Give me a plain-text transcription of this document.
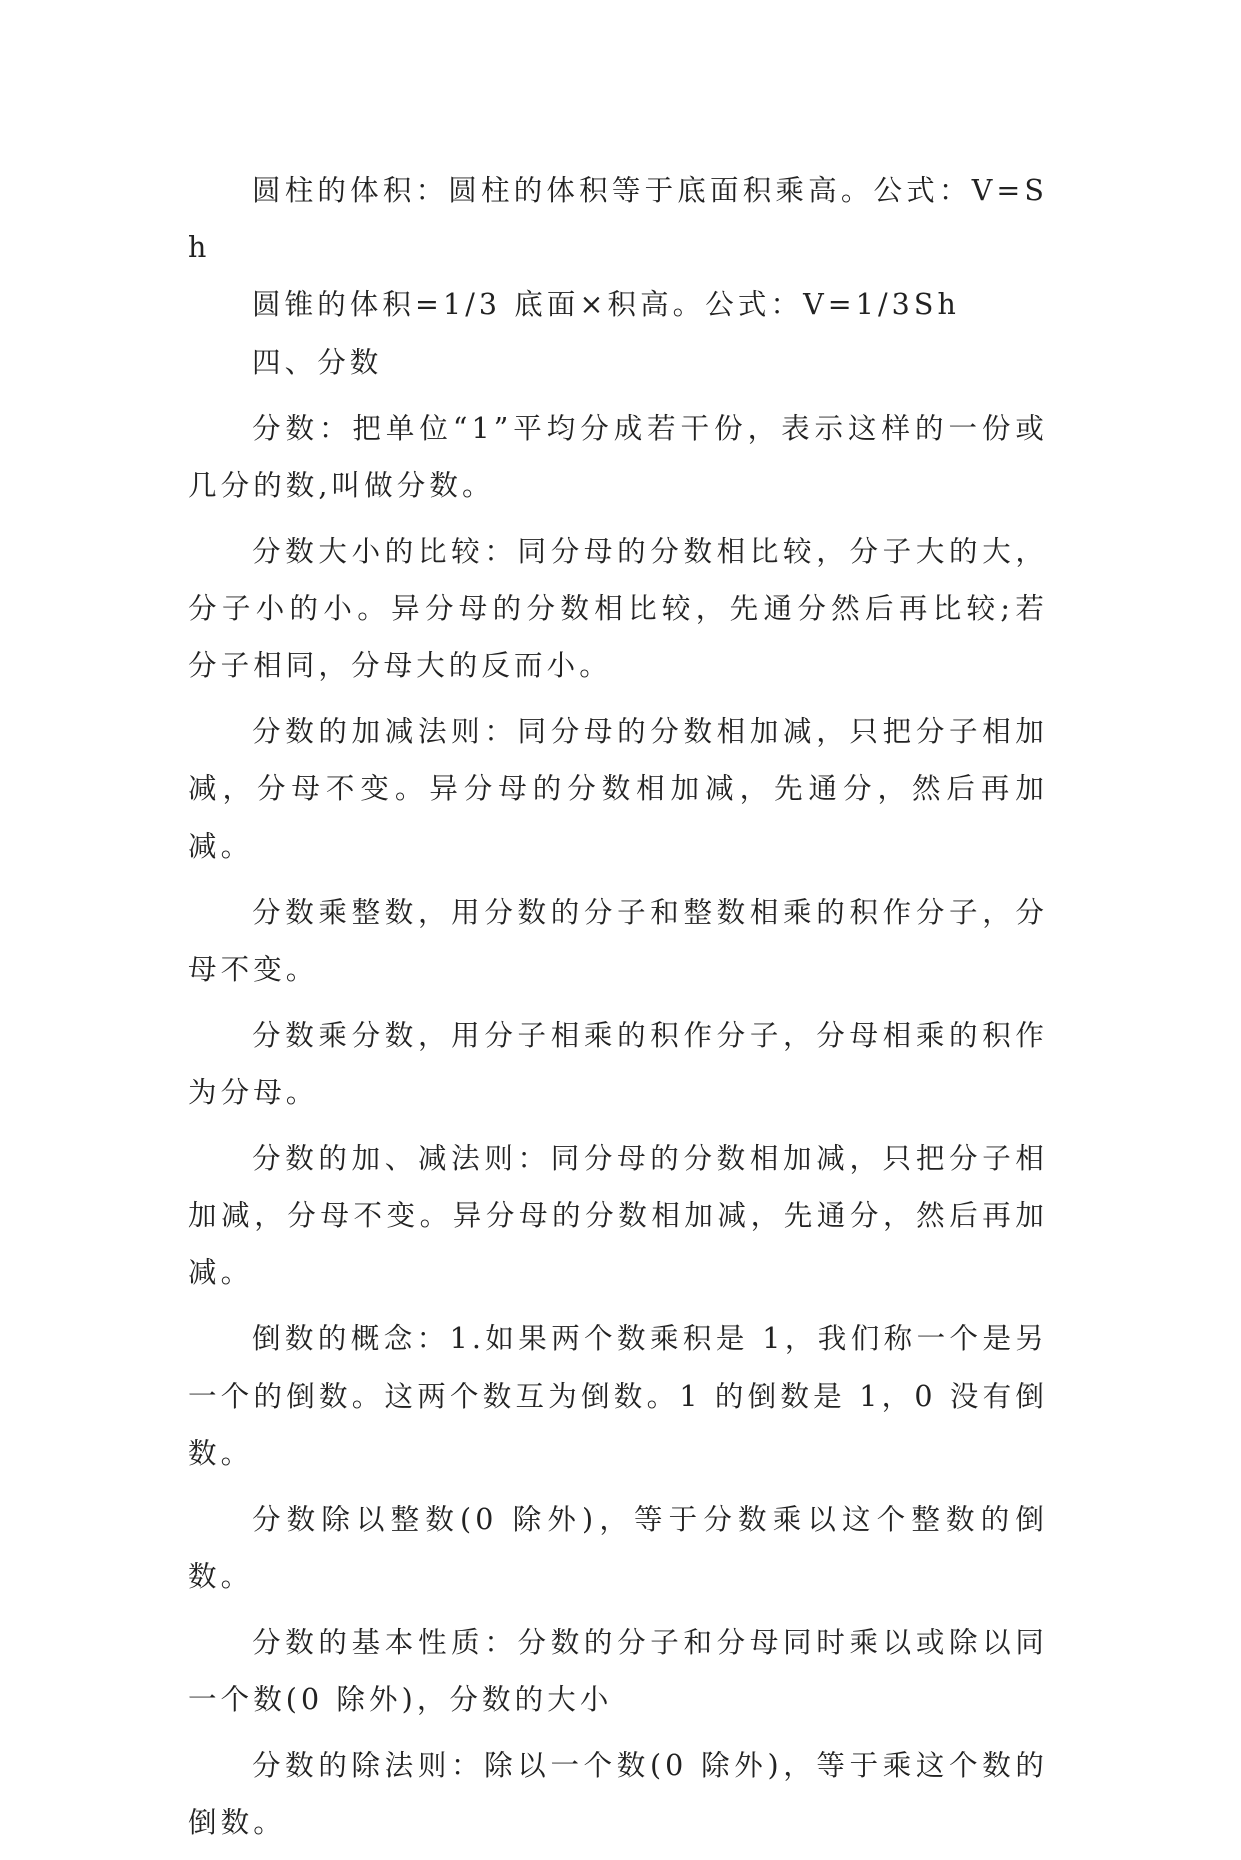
圆柱的体积：圆柱的体积等于底面积乘高。公式：V=Sh

圆锥的体积=1/3 底面×积高。公式：V=1/3Sh

四、分数

分数：把单位“1”平均分成若干份，表示这样的一份或几分的数,叫做分数。

分数大小的比较：同分母的分数相比较，分子大的大，分子小的小。异分母的分数相比较，先通分然后再比较;若分子相同，分母大的反而小。

分数的加减法则：同分母的分数相加减，只把分子相加减，分母不变。异分母的分数相加减，先通分，然后再加减。

分数乘整数，用分数的分子和整数相乘的积作分子，分母不变。

分数乘分数，用分子相乘的积作分子，分母相乘的积作为分母。

分数的加、减法则：同分母的分数相加减，只把分子相加减，分母不变。异分母的分数相加减，先通分，然后再加减。

倒数的概念：1.如果两个数乘积是 1，我们称一个是另一个的倒数。这两个数互为倒数。1 的倒数是 1，0 没有倒数。

分数除以整数(0 除外)，等于分数乘以这个整数的倒数。

分数的基本性质：分数的分子和分母同时乘以或除以同一个数(0 除外)，分数的大小

分数的除法则：除以一个数(0 除外)，等于乘这个数的倒数。
